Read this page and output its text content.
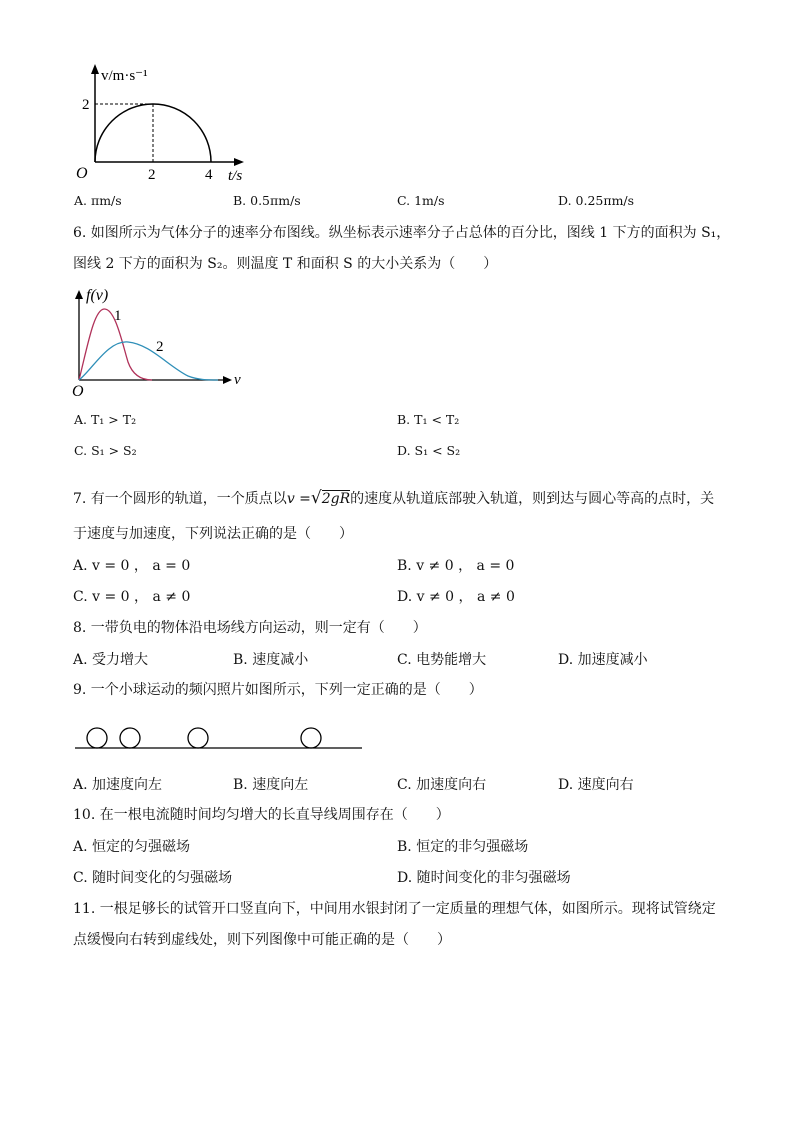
v/m·s⁻¹
2
O	2	4 t/s
A. πm/s	B. 0.5πm/s	C. 1m/s	D. 0.25πm/s
6. 如图所示为气体分子的速率分布图线。纵坐标表示速率分子占总体的百分比，图线 1 下方的面积为 S₁，
图线 2 下方的面积为 S₂。则温度 T 和面积 S 的大小关系为（　　）
f(v)
v
O
1
2
A. T₁ > T₂	B. T₁ < T₂
C. S₁ > S₂	D. S₁ < S₂
7. 有一个圆形的轨道，一个质点以v =√2gR的速度从轨道底部驶入轨道，则到达与圆心等高的点时，关
于速度与加速度，下列说法正确的是（　　）
A. v = 0 ， a = 0	B. v ≠ 0 ， a = 0
C. v = 0 ， a ≠ 0	D. v ≠ 0 ， a ≠ 0
8. 一带负电的物体沿电场线方向运动，则一定有（　　）
A. 受力增大	B. 速度减小	C. 电势能增大	D. 加速度减小
9. 一个小球运动的频闪照片如图所示，下列一定正确的是（　　）
A. 加速度向左	B. 速度向左	C. 加速度向右	D. 速度向右
10. 在一根电流随时间均匀增大的长直导线周围存在（　　）
A. 恒定的匀强磁场	B. 恒定的非匀强磁场
C. 随时间变化的匀强磁场	D. 随时间变化的非匀强磁场
11. 一根足够长的试管开口竖直向下，中间用水银封闭了一定质量的理想气体，如图所示。现将试管绕定
点缓慢向右转到虚线处，则下列图像中可能正确的是（　　）
